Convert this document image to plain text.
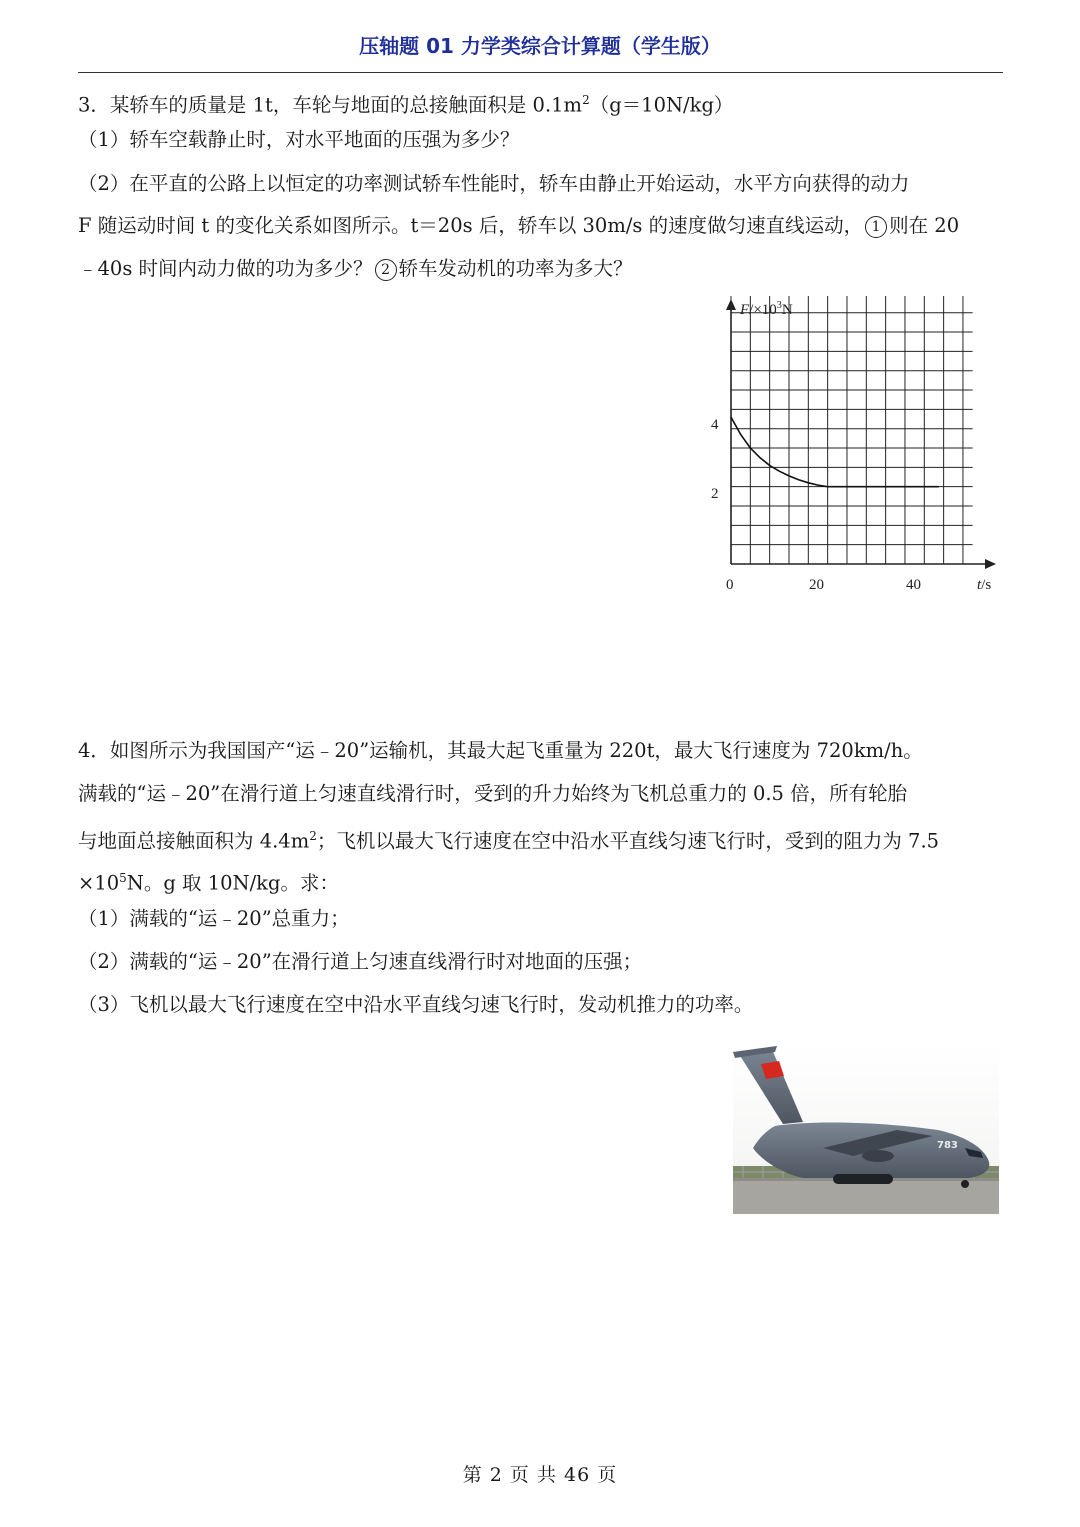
压轴题 01 力学类综合计算题（学生版）
3．某轿车的质量是 1t，车轮与地面的总接触面积是 $0.1m^2(g=10N/kg)$
（1）轿车空载静止时，对水平地面的压强为多少？
（2）在平直的公路上以恒定的功率测试轿车性能时，轿车由静止开始运动，水平方向获得的动力
F 随运动时间 t 的变化关系如图所示。t＝20s 后，轿车以 30m/s 的速度做匀速直线运动， 1 则在 20
﹣40s 时间内动力做的功为多少？ 2 轿车发动机的功率为多大？
$F/\times 10^3N$
t/s
0	20	40
4
2
4．如图所示为我国国产“运﹣20”运输机，其最大起飞重量为 220t，最大飞行速度为 720km/h。
满载的“运﹣20”在滑行道上匀速直线滑行时，受到的升力始终为飞机总重力的 0.5 倍，所有轮胎
与地面总接触面积为 $4.4m^2$；飞机以最大飞行速度在空中沿水平直线匀速飞行时，受到的阻力为 7.5
$\times 10^5N$。g 取 10N/kg。求：
（1）满载的“运﹣20”总重力；
（2）满载的“运﹣20”在滑行道上匀速直线滑行时对地面的压强；
（3）飞机以最大飞行速度在空中沿水平直线匀速飞行时，发动机推力的功率。
783
第 2 页 共 46 页
